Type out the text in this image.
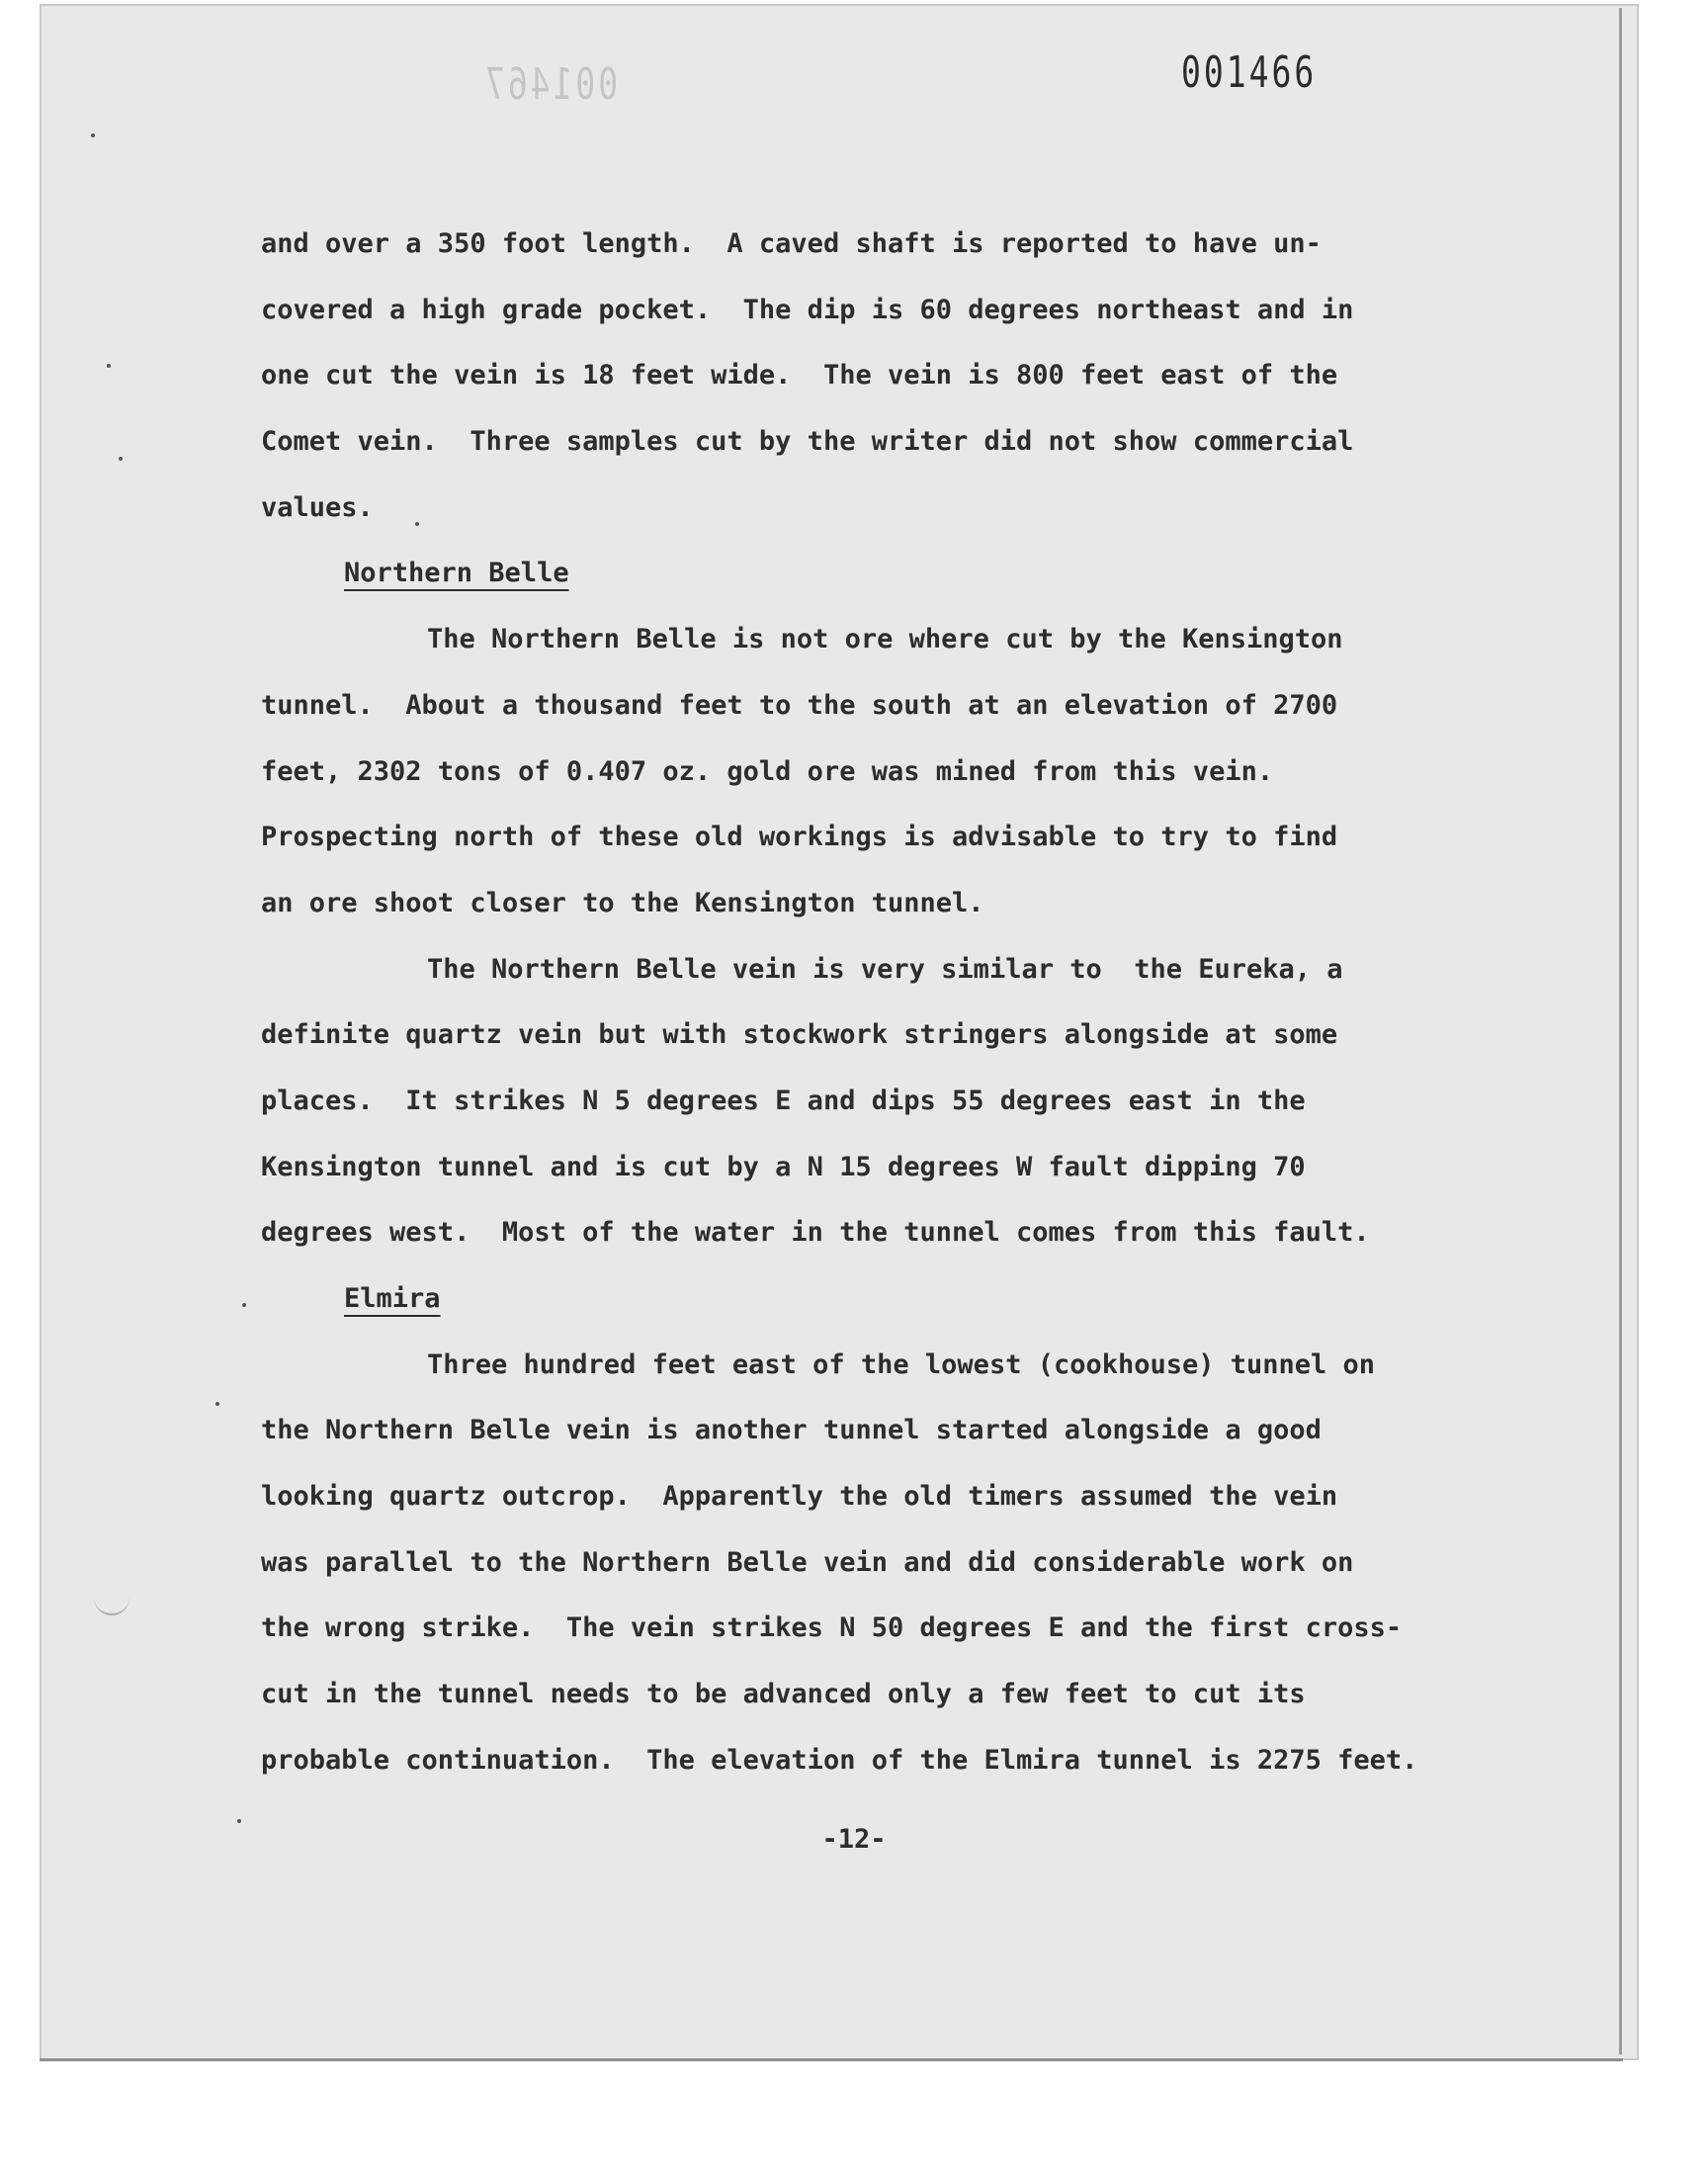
001467	001466
and over a 350 foot length.  A caved shaft is reported to have un-
covered a high grade pocket.  The dip is 60 degrees northeast and in
one cut the vein is 18 feet wide.  The vein is 800 feet east of the
Comet vein.  Three samples cut by the writer did not show commercial
values.
Northern Belle
The Northern Belle is not ore where cut by the Kensington
tunnel.  About a thousand feet to the south at an elevation of 2700
feet, 2302 tons of 0.407 oz. gold ore was mined from this vein.
Prospecting north of these old workings is advisable to try to find
an ore shoot closer to the Kensington tunnel.
The Northern Belle vein is very similar to  the Eureka, a
definite quartz vein but with stockwork stringers alongside at some
places.  It strikes N 5 degrees E and dips 55 degrees east in the
Kensington tunnel and is cut by a N 15 degrees W fault dipping 70
degrees west.  Most of the water in the tunnel comes from this fault.
Elmira
Three hundred feet east of the lowest (cookhouse) tunnel on
the Northern Belle vein is another tunnel started alongside a good
looking quartz outcrop.  Apparently the old timers assumed the vein
was parallel to the Northern Belle vein and did considerable work on
the wrong strike.  The vein strikes N 50 degrees E and the first cross-
cut in the tunnel needs to be advanced only a few feet to cut its
probable continuation.  The elevation of the Elmira tunnel is 2275 feet.
-12-
